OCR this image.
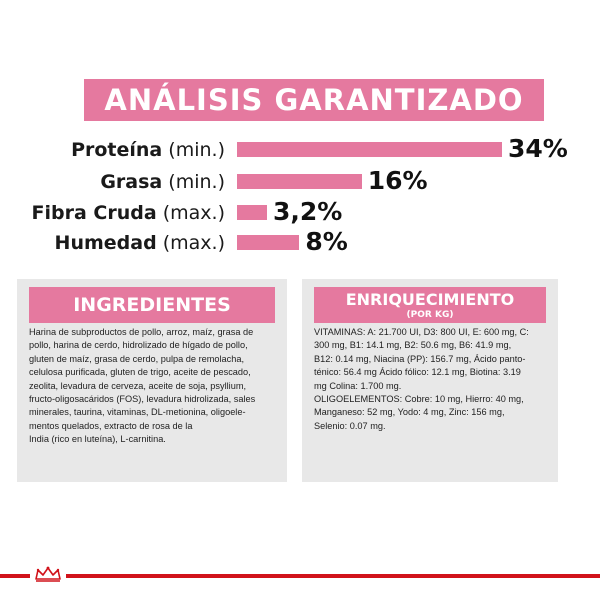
ANÁLISIS GARANTIZADO
Proteína (min.)	34%
Grasa (min.)	16%
Fibra Cruda (max.) 3,2%
Humedad (max.)	8%
INGREDIENTES

Harina de subproductos de pollo, arroz, maíz, grasa de

pollo, harina de cerdo, hidrolizado de hígado de pollo,

gluten de maíz, grasa de cerdo, pulpa de remolacha,

celulosa purificada, gluten de trigo, aceite de pescado,

zeolita, levadura de cerveza, aceite de soja, psyllium,

fructo-oligosacáridos (FOS), levadura hidrolizada, sales

minerales, taurina, vitaminas, DL-metionina, oligoele-

mentos quelados, extracto de rosa de la

India (rico en luteína), L-carnitina.

ENRIQUECIMIENTO
(POR KG)

VITAMINAS: A: 21.700 UI, D3: 800 UI, E: 600 mg, C:

300 mg, B1: 14.1 mg, B2: 50.6 mg, B6: 41.9 mg,

B12: 0.14 mg, Niacina (PP): 156.7 mg, Ácido panto-

ténico: 56.4 mg Ácido fólico: 12.1 mg, Biotina: 3.19

mg Colina: 1.700 mg.

OLIGOELEMENTOS: Cobre: 10 mg, Hierro: 40 mg,

Manganeso: 52 mg, Yodo: 4 mg, Zinc: 156 mg,

Selenio: 0.07 mg.
